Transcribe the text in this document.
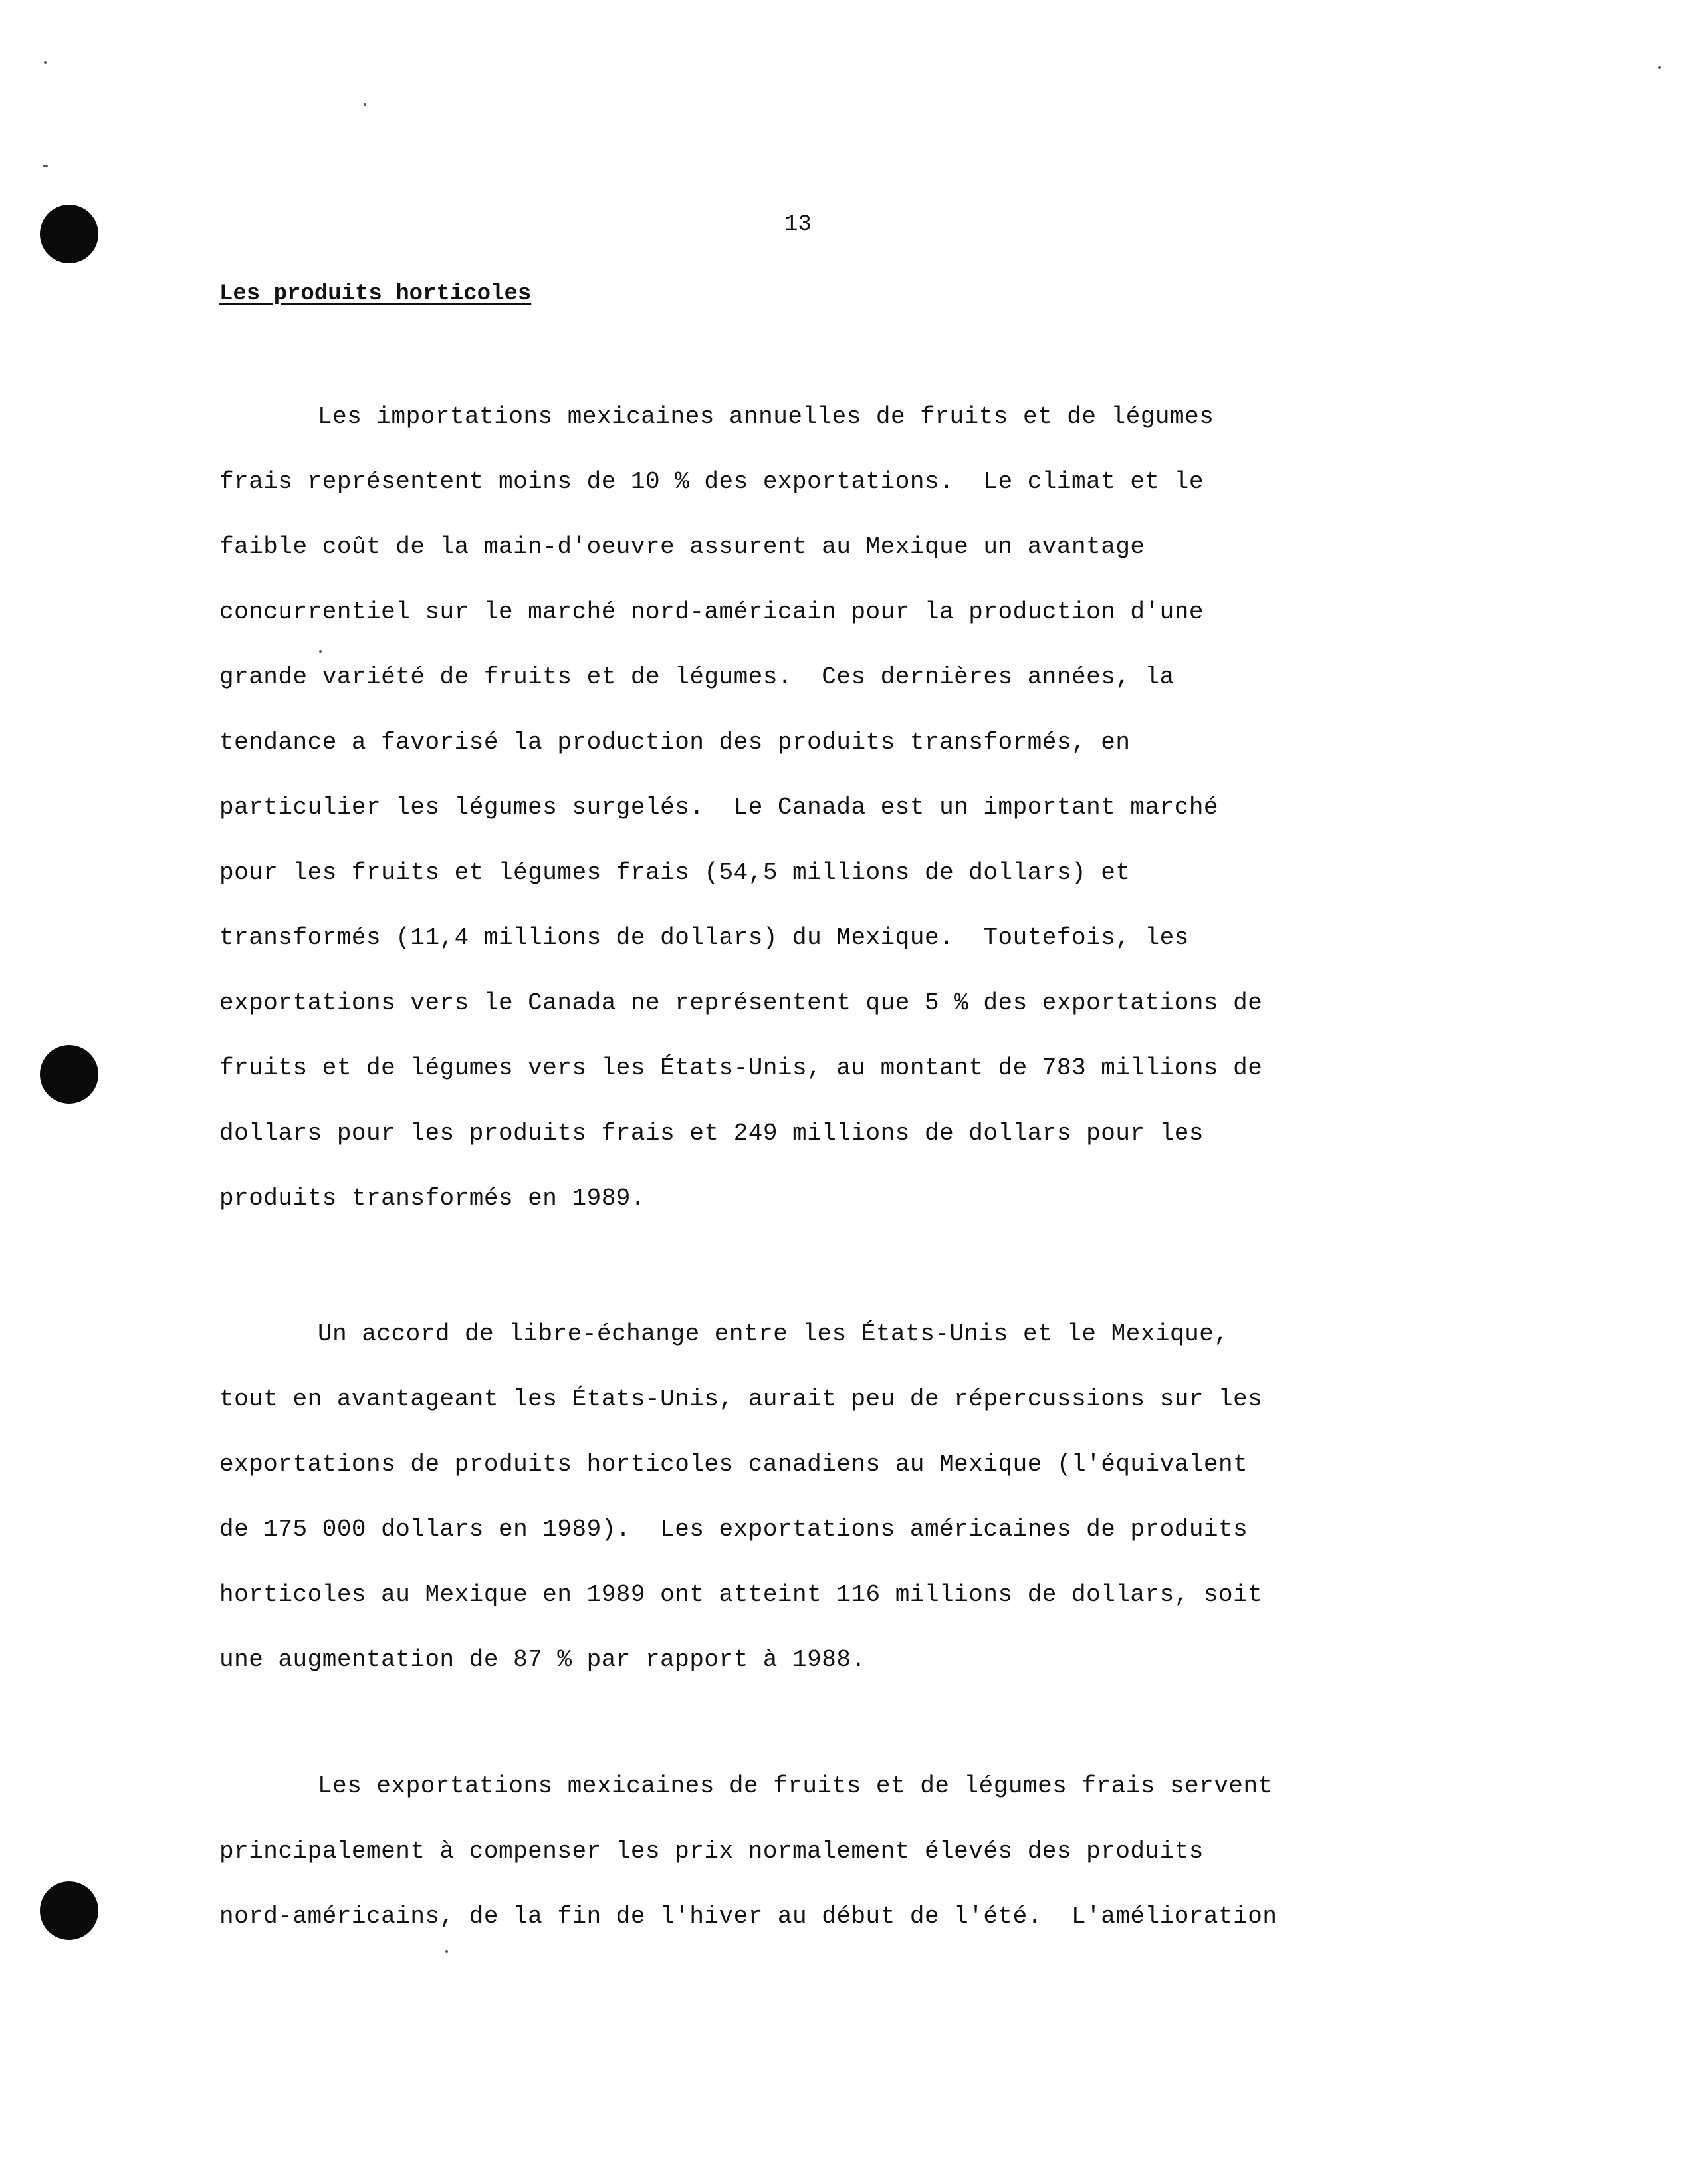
13
Les produits horticoles
Les importations mexicaines annuelles de fruits et de légumes
frais représentent moins de 10 % des exportations.  Le climat et le
faible coût de la main-d'oeuvre assurent au Mexique un avantage
concurrentiel sur le marché nord-américain pour la production d'une
grande variété de fruits et de légumes.  Ces dernières années, la
tendance a favorisé la production des produits transformés, en
particulier les légumes surgelés.  Le Canada est un important marché
pour les fruits et légumes frais (54,5 millions de dollars) et
transformés (11,4 millions de dollars) du Mexique.  Toutefois, les
exportations vers le Canada ne représentent que 5 % des exportations de
fruits et de légumes vers les États-Unis, au montant de 783 millions de
dollars pour les produits frais et 249 millions de dollars pour les
produits transformés en 1989.
Un accord de libre-échange entre les États-Unis et le Mexique,
tout en avantageant les États-Unis, aurait peu de répercussions sur les
exportations de produits horticoles canadiens au Mexique (l'équivalent
de 175 000 dollars en 1989).  Les exportations américaines de produits
horticoles au Mexique en 1989 ont atteint 116 millions de dollars, soit
une augmentation de 87 % par rapport à 1988.
Les exportations mexicaines de fruits et de légumes frais servent
principalement à compenser les prix normalement élevés des produits
nord-américains, de la fin de l'hiver au début de l'été.  L'amélioration
